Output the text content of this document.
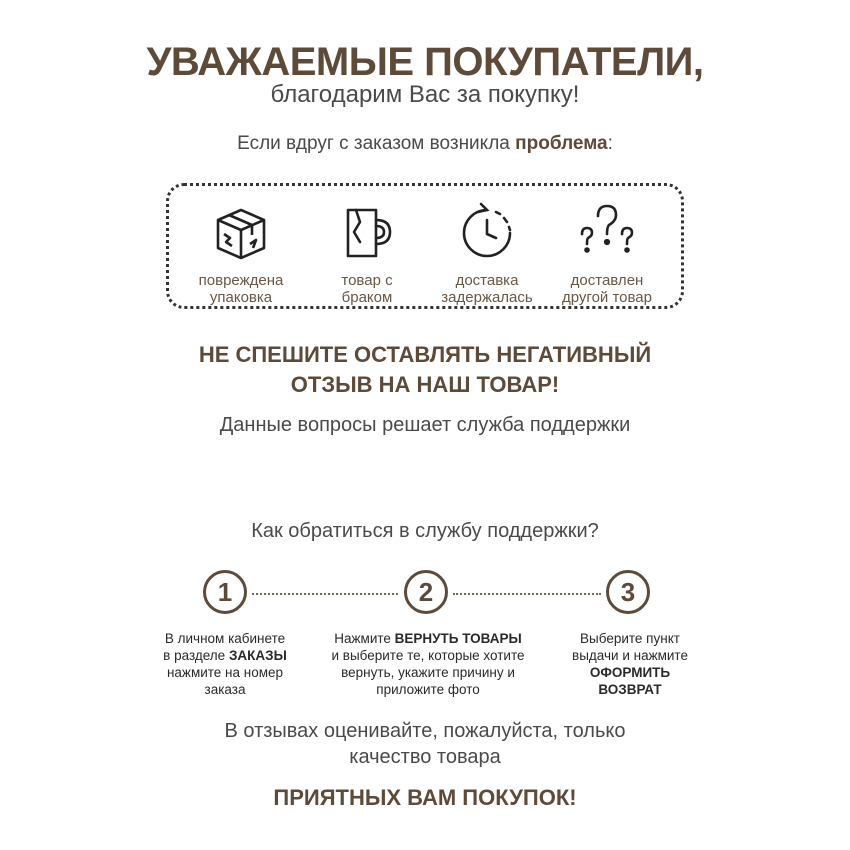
УВАЖАЕМЫЕ ПОКУПАТЕЛИ,
благодарим Вас за покупку!
Если вдруг с заказом возникла проблема:
повреждена
упаковка
товар с
браком
доставка
задержалась
доставлен
другой товар
НЕ СПЕШИТЕ ОСТАВЛЯТЬ НЕГАТИВНЫЙ
ОТЗЫВ НА НАШ ТОВАР!
Данные вопросы решает служба поддержки
Как обратиться в службу поддержки?
1	2	3
В личном кабинете
в разделе ЗАКАЗЫ
нажмите на номер
заказа
Нажмите ВЕРНУТЬ ТОВАРЫ
и выберите те, которые хотите
вернуть, укажите причину и
приложите фото
Выберите пункт
выдачи и нажмите
ОФОРМИТЬ
ВОЗВРАТ
В отзывах оценивайте, пожалуйста, только
качество товара
ПРИЯТНЫХ ВАМ ПОКУПОК!
